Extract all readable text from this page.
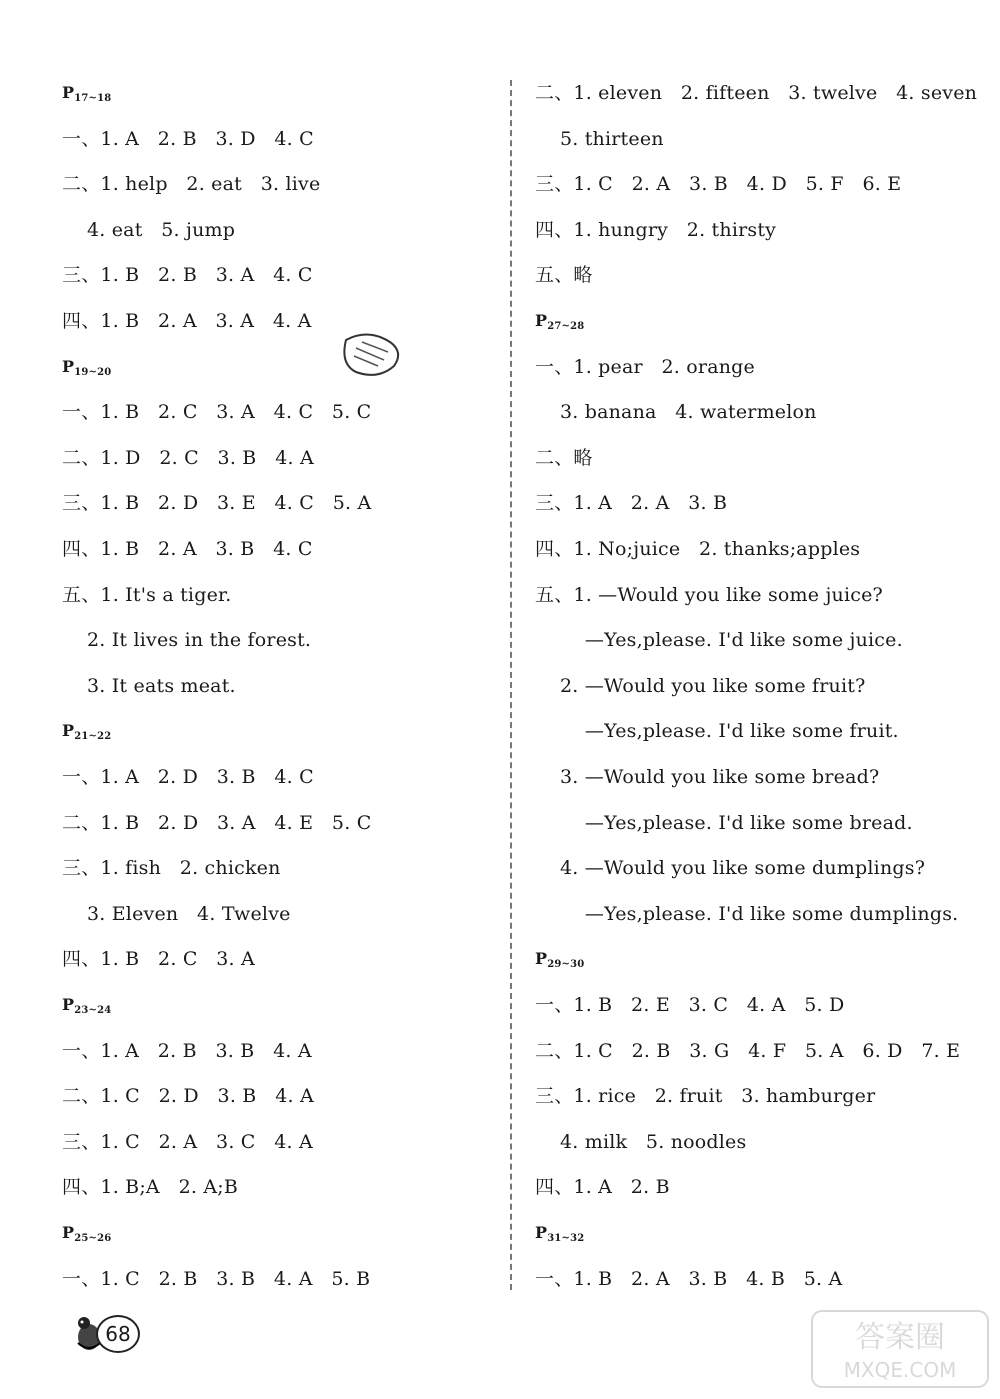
$P_{17\sim 18}$
一、1. A   2. B   3. D   4. C
二、1. help   2. eat   3. live
4. eat   5. jump
三、1. B   2. B   3. A   4. C
四、1. B   2. A   3. A   4. A
$P_{19\sim 20}$
一、1. B   2. C   3. A   4. C   5. C
二、1. D   2. C   3. B   4. A
三、1. B   2. D   3. E   4. C   5. A
四、1. B   2. A   3. B   4. C
五、1. It's a tiger.
2. It lives in the forest.
3. It eats meat.
$P_{21\sim 22}$
一、1. A   2. D   3. B   4. C
二、1. B   2. D   3. A   4. E   5. C
三、1. fish   2. chicken
3. Eleven   4. Twelve
四、1. B   2. C   3. A
$P_{23\sim 24}$
一、1. A   2. B   3. B   4. A
二、1. C   2. D   3. B   4. A
三、1. C   2. A   3. C   4. A
四、1. B;A   2. A;B
$P_{25\sim 26}$
一、1. C   2. B   3. B   4. A   5. B
二、1. eleven   2. fifteen   3. twelve   4. seven
5. thirteen
三、1. C   2. A   3. B   4. D   5. F   6. E
四、1. hungry   2. thirsty
五、略
$P_{27\sim 28}$
一、1. pear   2. orange
3. banana   4. watermelon
二、略
三、1. A   2. A   3. B
四、1. No;juice   2. thanks;apples
五、1. —Would you like some juice?
—Yes,please. I'd like some juice.
2. —Would you like some fruit?
—Yes,please. I'd like some fruit.
3. —Would you like some bread?
—Yes,please. I'd like some bread.
4. —Would you like some dumplings?
—Yes,please. I'd like some dumplings.
$P_{29\sim 30}$
一、1. B   2. E   3. C   4. A   5. D
二、1. C   2. B   3. G   4. F   5. A   6. D   7. E
三、1. rice   2. fruit   3. hamburger
4. milk   5. noodles
四、1. A   2. B
$P_{31\sim 32}$
一、1. B   2. A   3. B   4. B   5. A
68	答案圈
MXQE.COM
